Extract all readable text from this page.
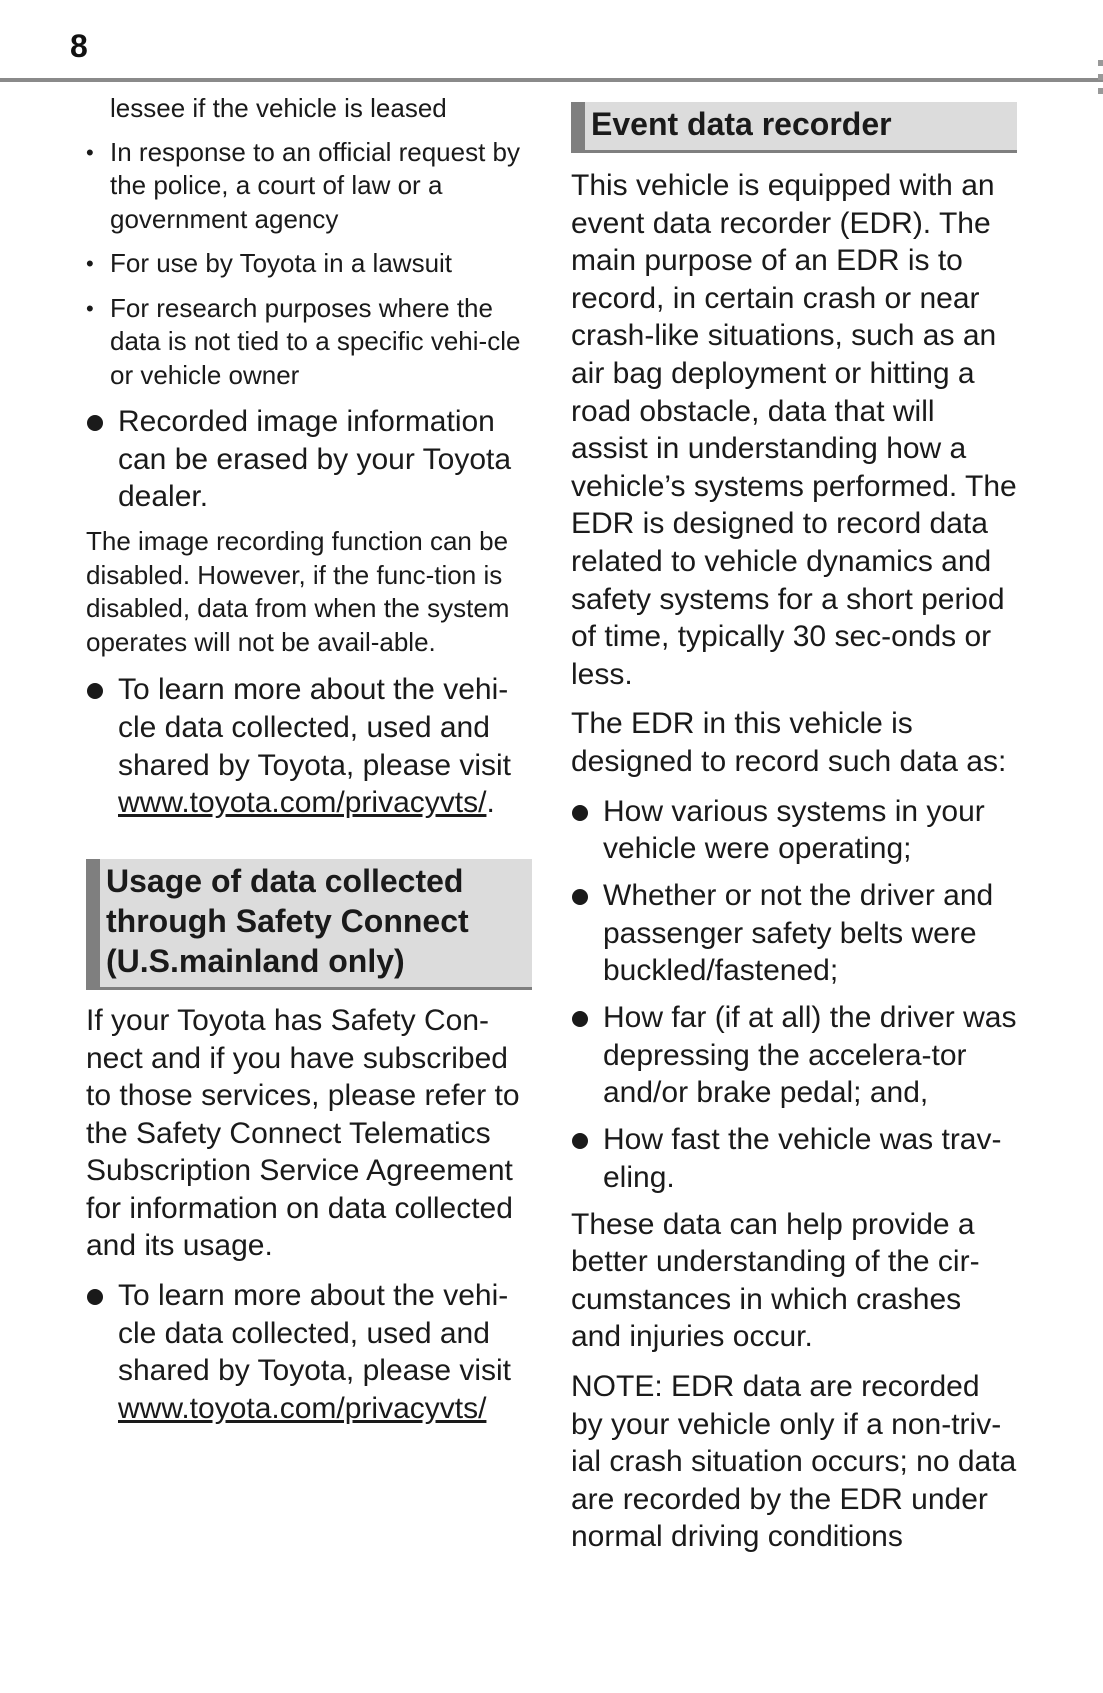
8
lessee if the vehicle is leased
• In response to an official request by the police, a court of law or a government agency
• For use by Toyota in a lawsuit
• For research purposes where the data is not tied to a specific vehi-cle or vehicle owner
Recorded image information can be erased by your Toyota dealer.
The image recording function can be disabled. However, if the func-tion is disabled, data from when the system operates will not be avail-able.
To learn more about the vehi-cle data collected, used and shared by Toyota, please visit www.toyota.com/privacyvts/.
Usage of data collected through Safety Connect (U.S.mainland only)
If your Toyota has Safety Con-nect and if you have subscribed to those services, please refer to the Safety Connect Telematics Subscription Service Agreement for information on data collected and its usage.
To learn more about the vehi-cle data collected, used and shared by Toyota, please visit www.toyota.com/privacyvts/
Event data recorder
This vehicle is equipped with an event data recorder (EDR). The main purpose of an EDR is to record, in certain crash or near crash-like situations, such as an air bag deployment or hitting a road obstacle, data that will assist in understanding how a vehicle’s systems performed. The EDR is designed to record data related to vehicle dynamics and safety systems for a short period of time, typically 30 sec-onds or less.
The EDR in this vehicle is designed to record such data as:
How various systems in your vehicle were operating;
Whether or not the driver and passenger safety belts were buckled/fastened;
How far (if at all) the driver was depressing the accelera-tor and/or brake pedal; and,
How fast the vehicle was trav-eling.
These data can help provide a better understanding of the cir-cumstances in which crashes and injuries occur.
NOTE: EDR data are recorded by your vehicle only if a non-triv-ial crash situation occurs; no data are recorded by the EDR under normal driving conditions
